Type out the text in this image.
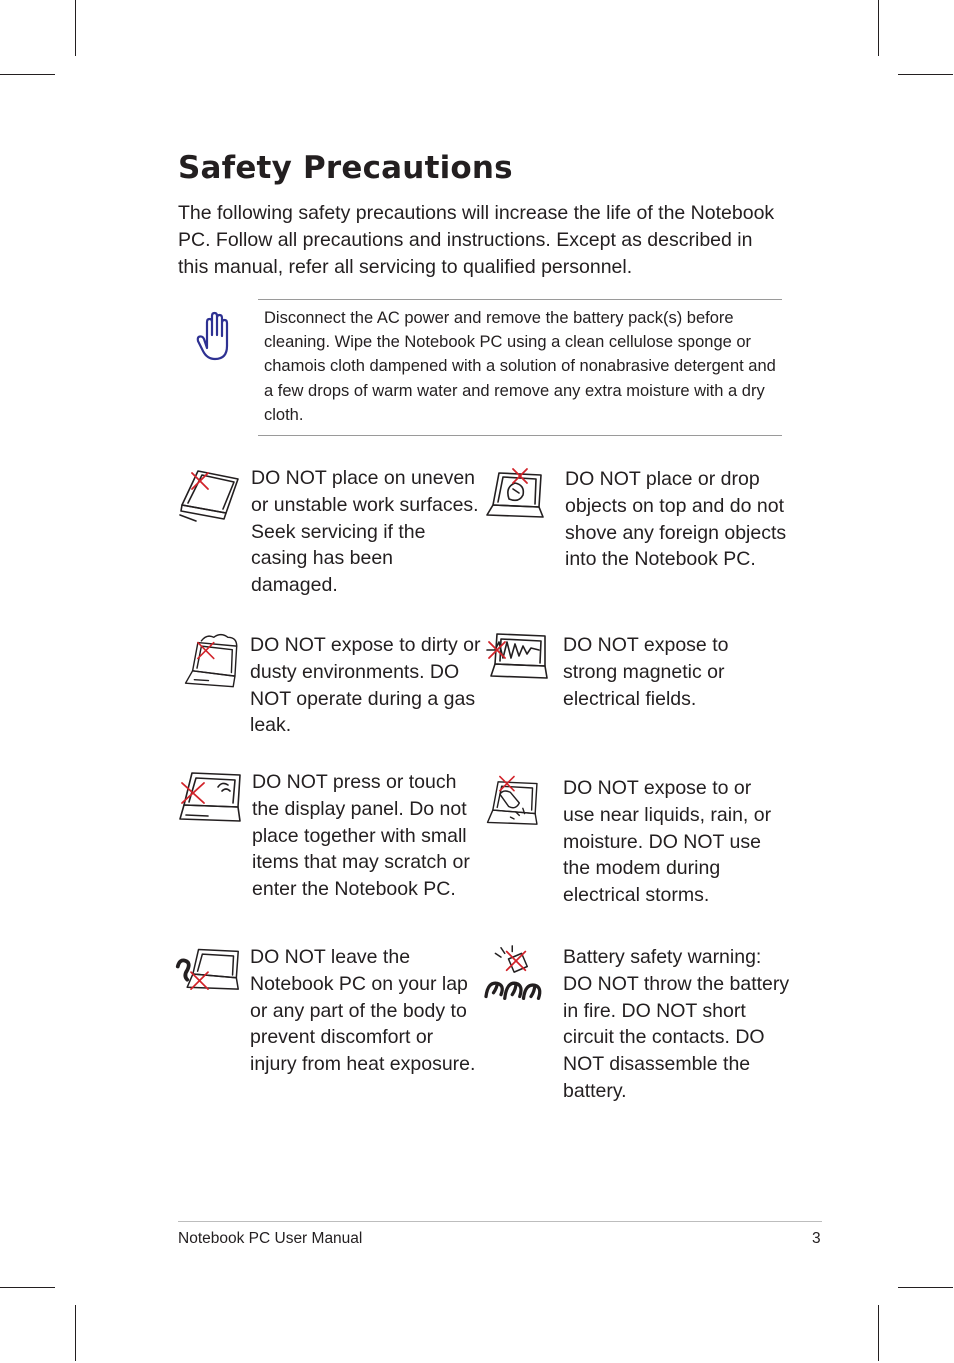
Safety Precautions

The following safety precautions will increase the life of the Notebook PC. Follow all precautions and instructions. Except as described in this manual, refer all servicing to qualified personnel.

Disconnect the AC power and remove the battery pack(s) before cleaning. Wipe the Notebook PC using a clean cellulose sponge or chamois cloth dampened with a solution of nonabrasive detergent and a few drops of warm water and remove any extra moisture with a dry cloth.

DO NOT place on uneven or unstable work surfaces. Seek servicing if the casing has been damaged.

DO NOT place or drop objects on top and do not shove any foreign objects into the Notebook PC.

DO NOT expose to dirty or dusty environments. DO NOT operate during a gas leak.

DO NOT expose to strong magnetic or electrical fields.

DO NOT press or touch the display panel. Do not place together with small items that may scratch or enter the Notebook PC.

DO NOT expose to or use near liquids, rain, or moisture. DO NOT use the modem during electrical storms.

DO NOT leave the Notebook PC on your lap or any part of the body to prevent discomfort or injury from heat exposure.

Battery safety warning: DO NOT throw the battery in fire. DO NOT short circuit the contacts. DO NOT disassemble the battery.

Notebook PC User Manual	3
